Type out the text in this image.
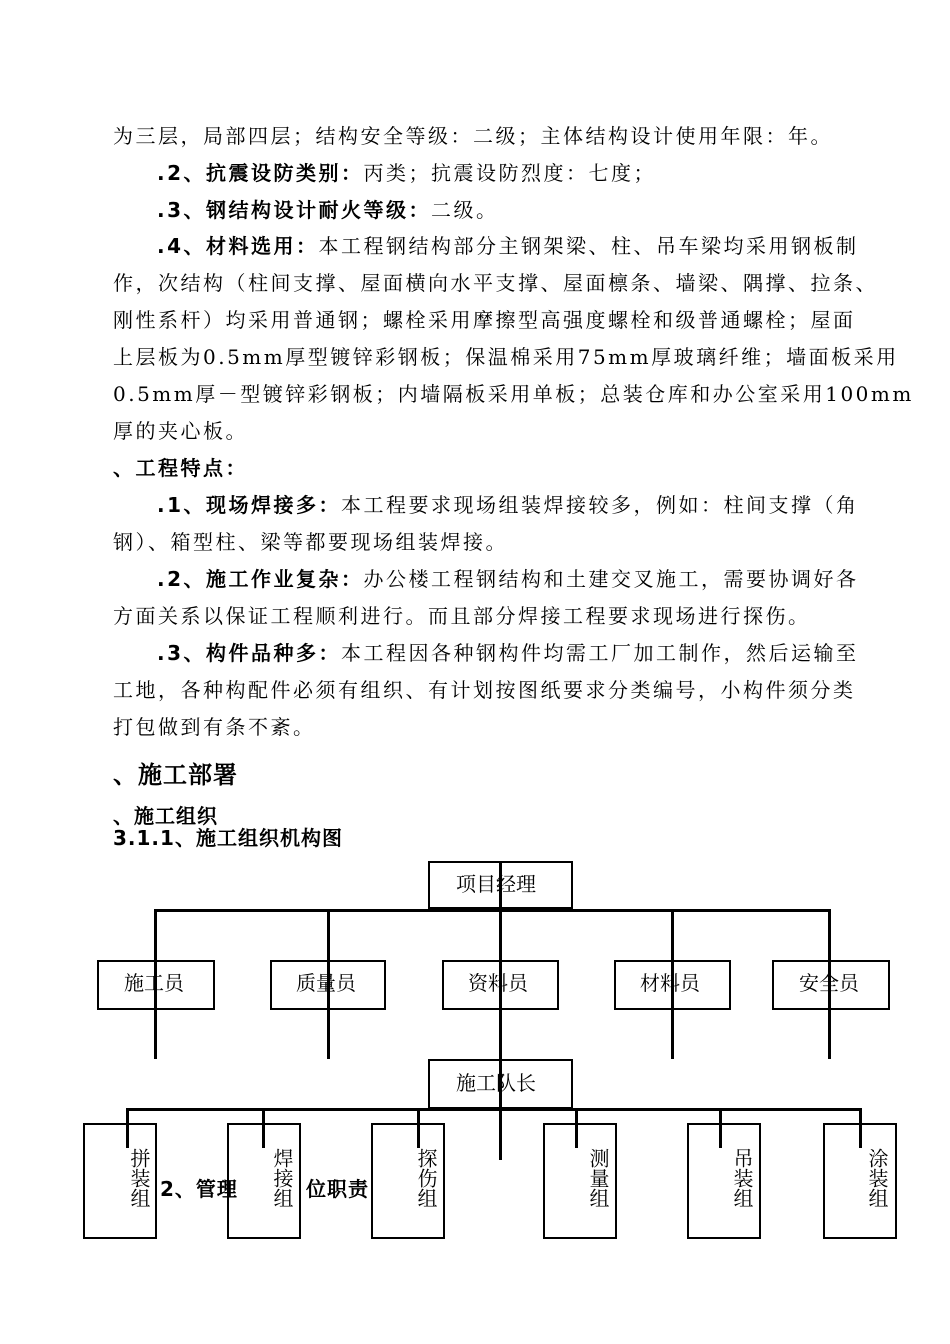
为三层，局部四层；结构安全等级：二级；主体结构设计使用年限：年。
.2、抗震设防类别：丙类；抗震设防烈度：七度；
.3、钢结构设计耐火等级：二级。
.4、材料选用：本工程钢结构部分主钢架梁、柱、吊车梁均采用钢板制
作，次结构（柱间支撑、屋面横向水平支撑、屋面檩条、墙梁、隅撑、拉条、
刚性系杆）均采用普通钢；螺栓采用摩擦型高强度螺栓和级普通螺栓；屋面
上层板为0.5mm厚型镀锌彩钢板；保温棉采用75mm厚玻璃纤维；墙面板采用
0.5mm厚－型镀锌彩钢板；内墙隔板采用单板；总装仓库和办公室采用100mm
厚的夹心板。
、工程特点：
.1、现场焊接多：本工程要求现场组装焊接较多，例如：柱间支撑（角
钢）、箱型柱、梁等都要现场组装焊接。
.2、施工作业复杂：办公楼工程钢结构和土建交叉施工，需要协调好各
方面关系以保证工程顺利进行。而且部分焊接工程要求现场进行探伤。
.3、构件品种多：本工程因各种钢构件均需工厂加工制作，然后运输至
工地，各种构配件必须有组织、有计划按图纸要求分类编号，小构件须分类
打包做到有条不紊。
、施工部署
、施工组织
3.1.1、施工组织机构图
项目经理
施工员	质量员	资料员	材料员	安全员
施工队长
拼装组	焊接组	探伤组	测量组	吊装组	涂装组
2、管理	位职责
